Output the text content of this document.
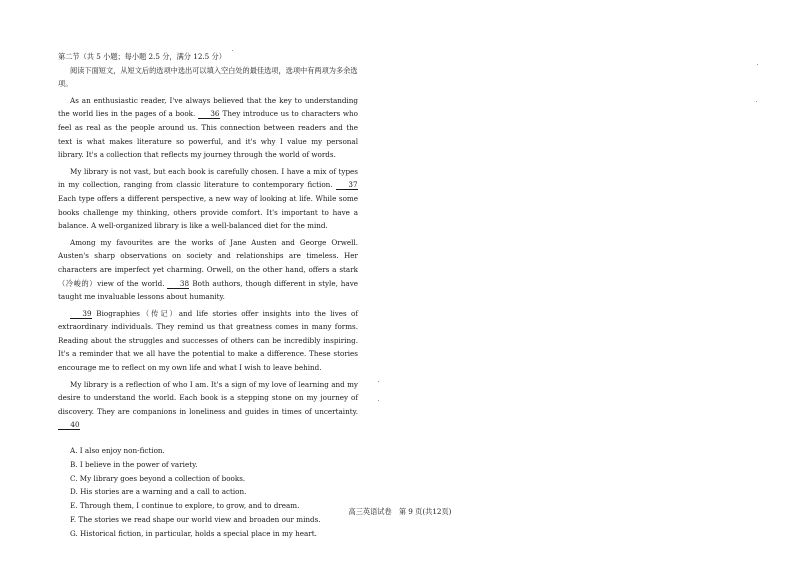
第二节（共 5 小题；每小题 2.5 分，满分 12.5 分）

阅读下面短文，从短文后的选项中选出可以填入空白处的最佳选项，选项中有两项为多余选项。

As an enthusiastic reader, I've always believed that the key to understanding the world lies in the pages of a book. 36 They introduce us to characters who feel as real as the people around us. This connection between readers and the text is what makes literature so powerful, and it's why I value my personal library. It's a collection that reflects my journey through the world of words.

My library is not vast, but each book is carefully chosen. I have a mix of types in my collection, ranging from classic literature to contemporary fiction. 37 Each type offers a different perspective, a new way of looking at life. While some books challenge my thinking, others provide comfort. It's important to have a balance. A well-organized library is like a well-balanced diet for the mind.

Among my favourites are the works of Jane Austen and George Orwell. Austen's sharp observations on society and relationships are timeless. Her characters are imperfect yet charming. Orwell, on the other hand, offers a stark（冷峻的）view of the world. 38 Both authors, though different in style, have taught me invaluable lessons about humanity.

39 Biographies（传记）and life stories offer insights into the lives of extraordinary individuals. They remind us that greatness comes in many forms. Reading about the struggles and successes of others can be incredibly inspiring. It's a reminder that we all have the potential to make a difference. These stories encourage me to reflect on my own life and what I wish to leave behind.

My library is a reflection of who I am. It's a sign of my love of learning and my desire to understand the world. Each book is a stepping stone on my journey of discovery. They are companions in loneliness and guides in times of uncertainty. 40

A. I also enjoy non-fiction.
B. I believe in the power of variety.
C. My library goes beyond a collection of books.
D. His stories are a warning and a call to action.
E. Through them, I continue to explore, to grow, and to dream.
F. The stories we read shape our world view and broaden our minds.
G. Historical fiction, in particular, holds a special place in my heart.
高三英语试卷　第 9 页(共12页)
